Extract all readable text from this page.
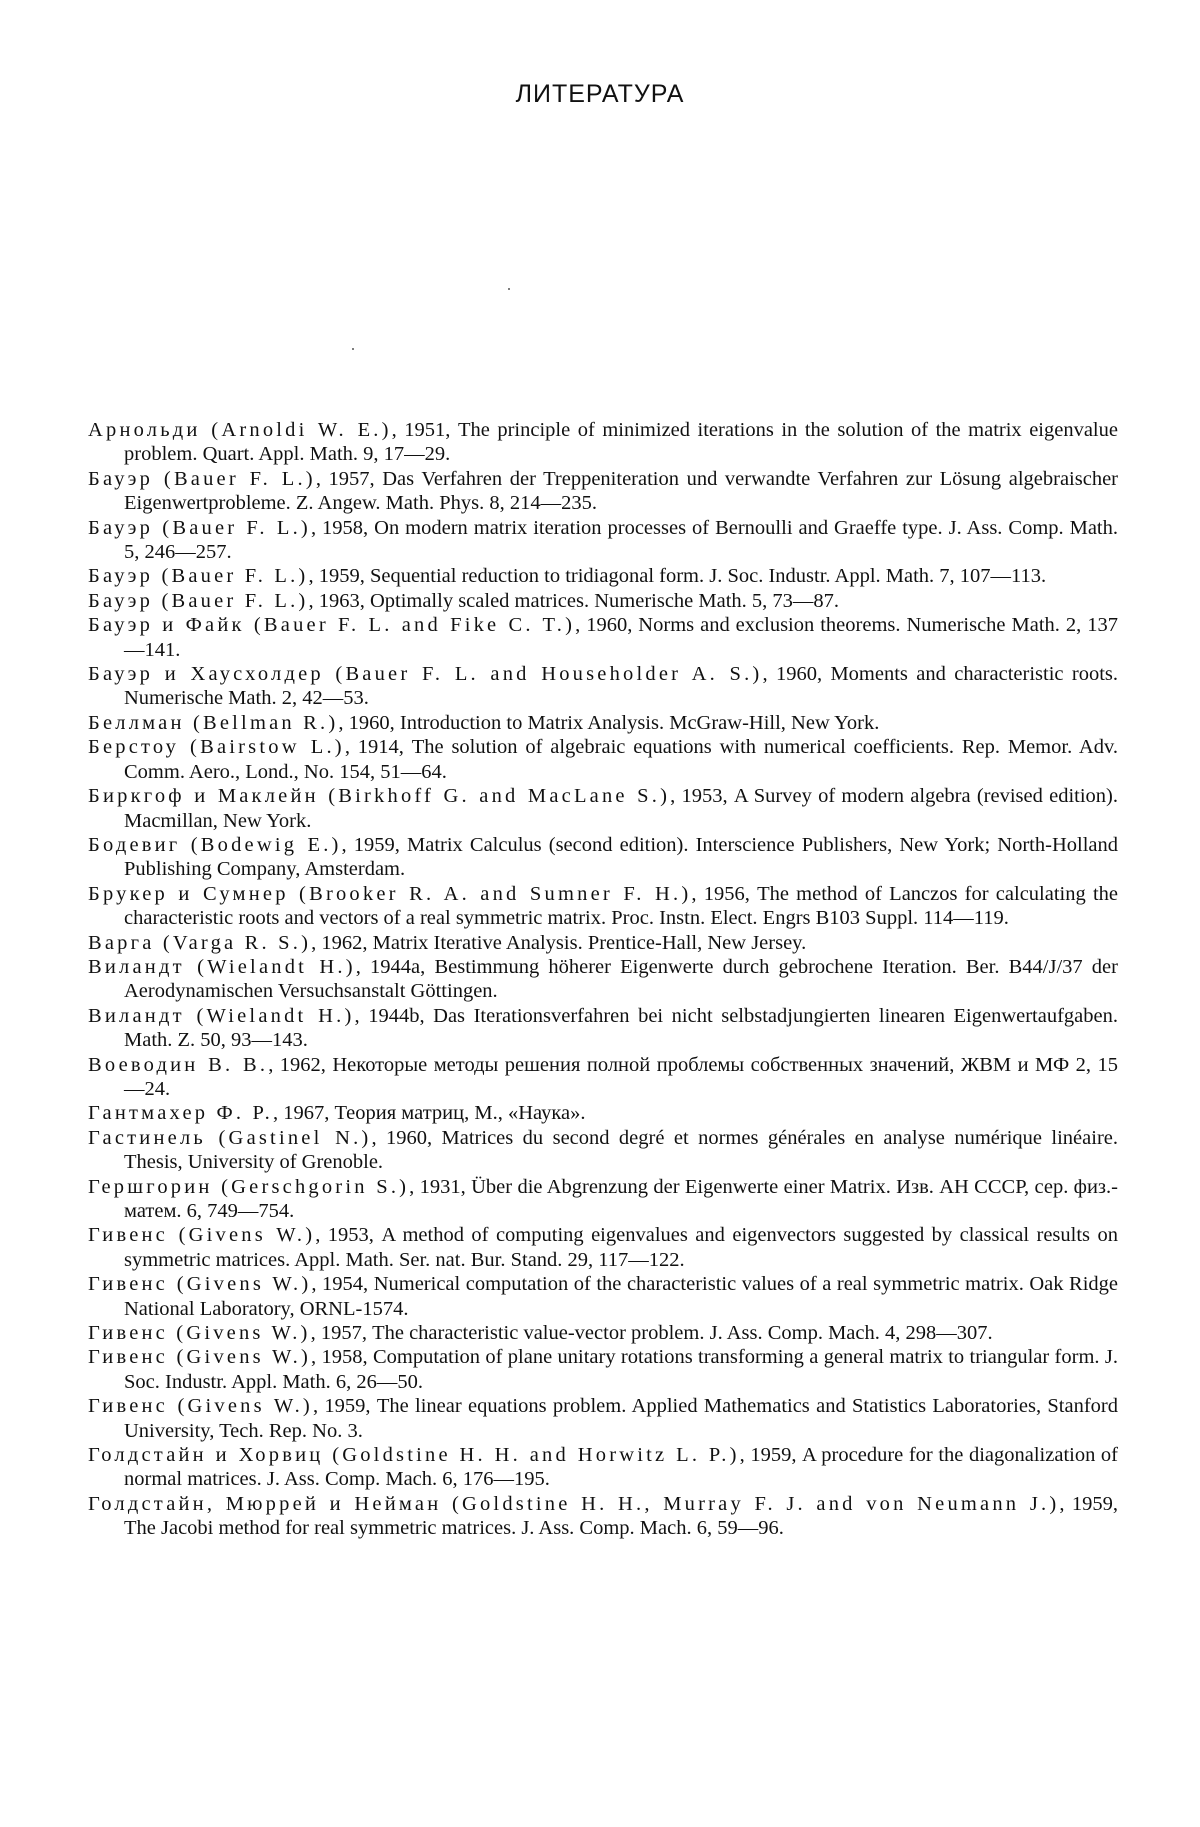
ЛИТЕРАТУРА
Арнольди (Arnoldi W. E.), 1951, The principle of minimized iterations in the solution of the matrix eigenvalue problem. Quart. Appl. Math. 9, 17—29.
Бауэр (Bauer F. L.), 1957, Das Verfahren der Treppeniteration und verwandte Verfahren zur Lösung algebraischer Eigenwertprobleme. Z. Angew. Math. Phys. 8, 214—235.
Бауэр (Bauer F. L.), 1958, On modern matrix iteration processes of Bernoulli and Graeffe type. J. Ass. Comp. Math. 5, 246—257.
Бауэр (Bauer F. L.), 1959, Sequential reduction to tridiagonal form. J. Soc. Industr. Appl. Math. 7, 107—113.
Бауэр (Bauer F. L.), 1963, Optimally scaled matrices. Numerische Math. 5, 73—87.
Бауэр и Файк (Bauer F. L. and Fike C. T.), 1960, Norms and exclusion theorems. Numerische Math. 2, 137—141.
Бауэр и Хаусхолдер (Bauer F. L. and Householder A. S.), 1960, Moments and characteristic roots. Numerische Math. 2, 42—53.
Беллман (Bellman R.), 1960, Introduction to Matrix Analysis. McGraw-Hill, New York.
Берстоу (Bairstow L.), 1914, The solution of algebraic equations with numerical coefficients. Rep. Memor. Adv. Comm. Aero., Lond., No. 154, 51—64.
Биркгоф и Маклейн (Birkhoff G. and MacLane S.), 1953, A Survey of modern algebra (revised edition). Macmillan, New York.
Бодевиг (Bodewig E.), 1959, Matrix Calculus (second edition). Interscience Publishers, New York; North-Holland Publishing Company, Amsterdam.
Брукер и Сумнер (Brooker R. A. and Sumner F. H.), 1956, The method of Lanczos for calculating the characteristic roots and vectors of a real symmetric matrix. Proc. Instn. Elect. Engrs B103 Suppl. 114—119.
Варга (Varga R. S.), 1962, Matrix Iterative Analysis. Prentice-Hall, New Jersey.
Виландт (Wielandt H.), 1944a, Bestimmung höherer Eigenwerte durch gebrochene Iteration. Ber. B44/J/37 der Aerodynamischen Versuchsanstalt Göttingen.
Виландт (Wielandt H.), 1944b, Das Iterationsverfahren bei nicht selbstadjungierten linearen Eigenwertaufgaben. Math. Z. 50, 93—143.
Воеводин В. В., 1962, Некоторые методы решения полной проблемы собственных значений, ЖВМ и МФ 2, 15—24.
Гантмахер Ф. Р., 1967, Теория матриц, М., «Наука».
Гастинель (Gastinel N.), 1960, Matrices du second degré et normes générales en analyse numérique linéaire. Thesis, University of Grenoble.
Гершгорин (Gerschgorin S.), 1931, Über die Abgrenzung der Eigenwerte einer Matrix. Изв. АН СССР, сер. физ.-матем. 6, 749—754.
Гивенс (Givens W.), 1953, A method of computing eigenvalues and eigenvectors suggested by classical results on symmetric matrices. Appl. Math. Ser. nat. Bur. Stand. 29, 117—122.
Гивенс (Givens W.), 1954, Numerical computation of the characteristic values of a real symmetric matrix. Oak Ridge National Laboratory, ORNL-1574.
Гивенс (Givens W.), 1957, The characteristic value-vector problem. J. Ass. Comp. Mach. 4, 298—307.
Гивенс (Givens W.), 1958, Computation of plane unitary rotations transforming a general matrix to triangular form. J. Soc. Industr. Appl. Math. 6, 26—50.
Гивенс (Givens W.), 1959, The linear equations problem. Applied Mathematics and Statistics Laboratories, Stanford University, Tech. Rep. No. 3.
Голдстайн и Хорвиц (Goldstine H. H. and Horwitz L. P.), 1959, A procedure for the diagonalization of normal matrices. J. Ass. Comp. Mach. 6, 176—195.
Голдстайн, Мюррей и Нейман (Goldstine H. H., Murray F. J. and von Neumann J.), 1959, The Jacobi method for real symmetric matrices. J. Ass. Comp. Mach. 6, 59—96.
